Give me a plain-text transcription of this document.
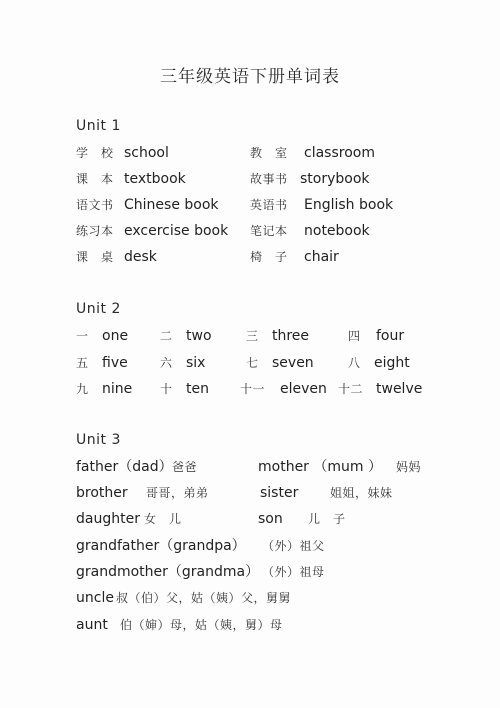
三年级英语下册单词表
Unit 1
学　校 school	教　室 classroom
课　本 textbook	故事书 storybook
语文书 Chinese book	英语书 English book
练习本 excercise book 笔记本 notebook
课　桌 desk	椅　子 chair
Unit 2
一 one	二 two	三 three	四 four
五 five	六 six	七 seven	八 eight
九 nine 十 ten	十一 eleven 十二 twelve
Unit 3
father（dad） 爸爸	mother （mum ） 妈妈
brother 哥哥，弟弟	sister	姐姐，妹妹
daughter 女　儿	son 儿　子
grandfather（grandpa） （外）祖父
grandmother（grandma） （外）祖母
uncle 叔（伯）父，姑（姨）父，舅舅
aunt 伯（婶）母，姑（姨，舅）母
